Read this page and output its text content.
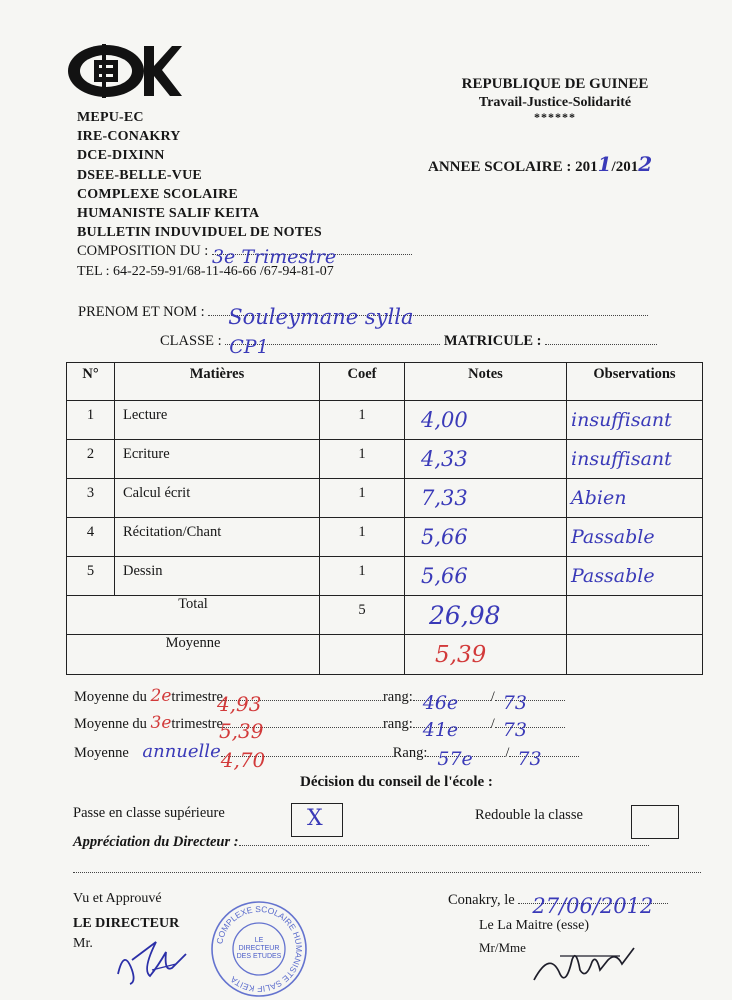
MEPU-EC
IRE-CONAKRY
DCE-DIXINN
DSEE-BELLE-VUE
COMPLEXE SCOLAIRE
HUMANISTE SALIF KEITA
BULLETIN INDUVIDUEL DE NOTES
COMPOSITION DU : 3e Trimestre
TEL : 64-22-59-91/68-11-46-66 /67-94-81-07
REPUBLIQUE DE GUINEE
Travail-Justice-Solidarité
******
ANNEE SCOLAIRE : 2011/2012
PRENOM ET NOM : Souleymane sylla
CLASSE : CP1	MATRICULE :
N°	Matières	Coef	Notes	Observations
1	Lecture	1	4,00	insuffisant
2	Ecriture	1	4,33	insuffisant
3	Calcul écrit	1	7,33	Abien
4	Récitation/Chant	1	5,66	Passable
5	Dessin	1	5,66	Passable
Total		5	26,98	
Moyenne			5,39	
Moyenne du 2etrimestre
4,93	rang: 46e / 73
Moyenne du 3etrimestre
5,39	rang: 41e / 73
Moyenne annuelle 4,70	Rang: 57e / 73
Décision du conseil de l'école :
Passe en classe supérieure	X	Redouble la classe
Appréciation du Directeur :
Vu et Approuvé
LE DIRECTEUR
Mr.
Conakry, le 27/06/2012
Le La Maitre (esse)
Mr/Mme
COMPLEXE SCOLAIRE HUMANISTE SALIF KEITA
LE
DIRECTEUR
DES ETUDES
